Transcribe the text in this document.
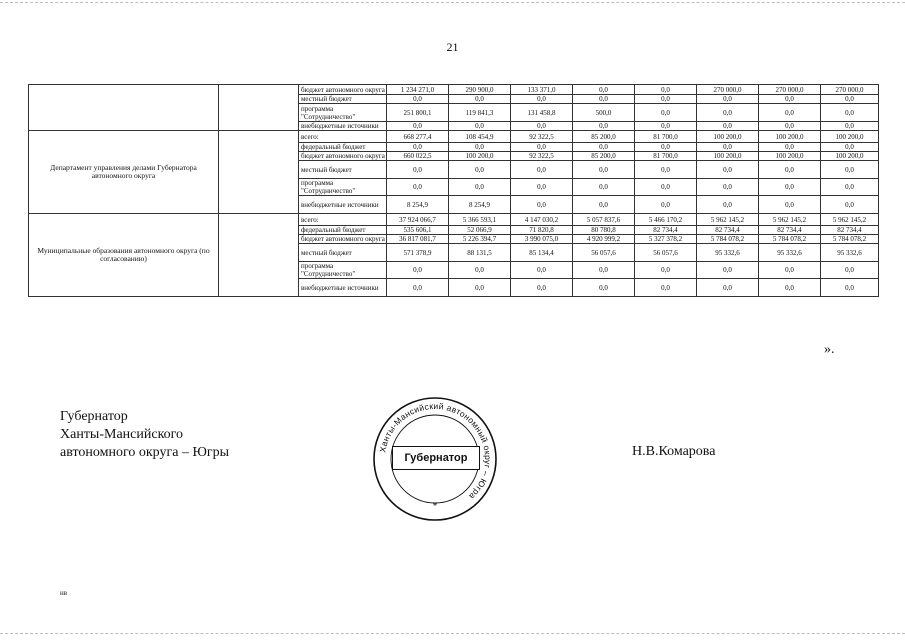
21
		бюджет автономного округа	1 234 271,0	290 900,0	133 371,0	0,0	0,0	270 000,0	270 000,0	270 000,0
		местный бюджет	0,0	0,0	0,0	0,0	0,0	0,0	0,0	0,0
		программа "Сотрудничество"	251 800,1	119 841,3	131 458,8	500,0	0,0	0,0	0,0	0,0
		внебюджетные источники	0,0	0,0	0,0	0,0	0,0	0,0	0,0	0,0
Департамент управления делами Губернатора автономного округа		всего:	668 277,4	108 454,9	92 322,5	85 200,0	81 700,0	100 200,0	100 200,0	100 200,0
		федеральный бюджет	0,0	0,0	0,0	0,0	0,0	0,0	0,0	0,0
		бюджет автономного округа	660 022,5	100 200,0	92 322,5	85 200,0	81 700,0	100 200,0	100 200,0	100 200,0
		местный бюджет	0,0	0,0	0,0	0,0	0,0	0,0	0,0	0,0
		программа "Сотрудничество"	0,0	0,0	0,0	0,0	0,0	0,0	0,0	0,0
		внебюджетные источники	8 254,9	8 254,9	0,0	0,0	0,0	0,0	0,0	0,0
Муниципальные образования автономного округа (по согласованию)		всего:	37 924 066,7	5 366 593,1	4 147 030,2	5 057 837,6	5 466 170,2	5 962 145,2	5 962 145,2	5 962 145,2
		федеральный бюджет	535 606,1	52 066,9	71 820,8	80 780,8	82 734,4	82 734,4	82 734,4	82 734,4
		бюджет автономного округа	36 817 081,7	5 226 394,7	3 990 075,0	4 920 999,2	5 327 378,2	5 784 078,2	5 784 078,2	5 784 078,2
		местный бюджет	571 378,9	88 131,5	85 134,4	56 057,6	56 057,6	95 332,6	95 332,6	95 332,6
		программа "Сотрудничество"	0,0	0,0	0,0	0,0	0,0	0,0	0,0	0,0
		внебюджетные источники	0,0	0,0	0,0	0,0	0,0	0,0	0,0	0,0
».
Губернатор
Ханты-Мансийского
автономного округа – Югры	Ханты-Мансийский автономный округ – Югра
*
Губернатор	Н.В.Комарова
нв
